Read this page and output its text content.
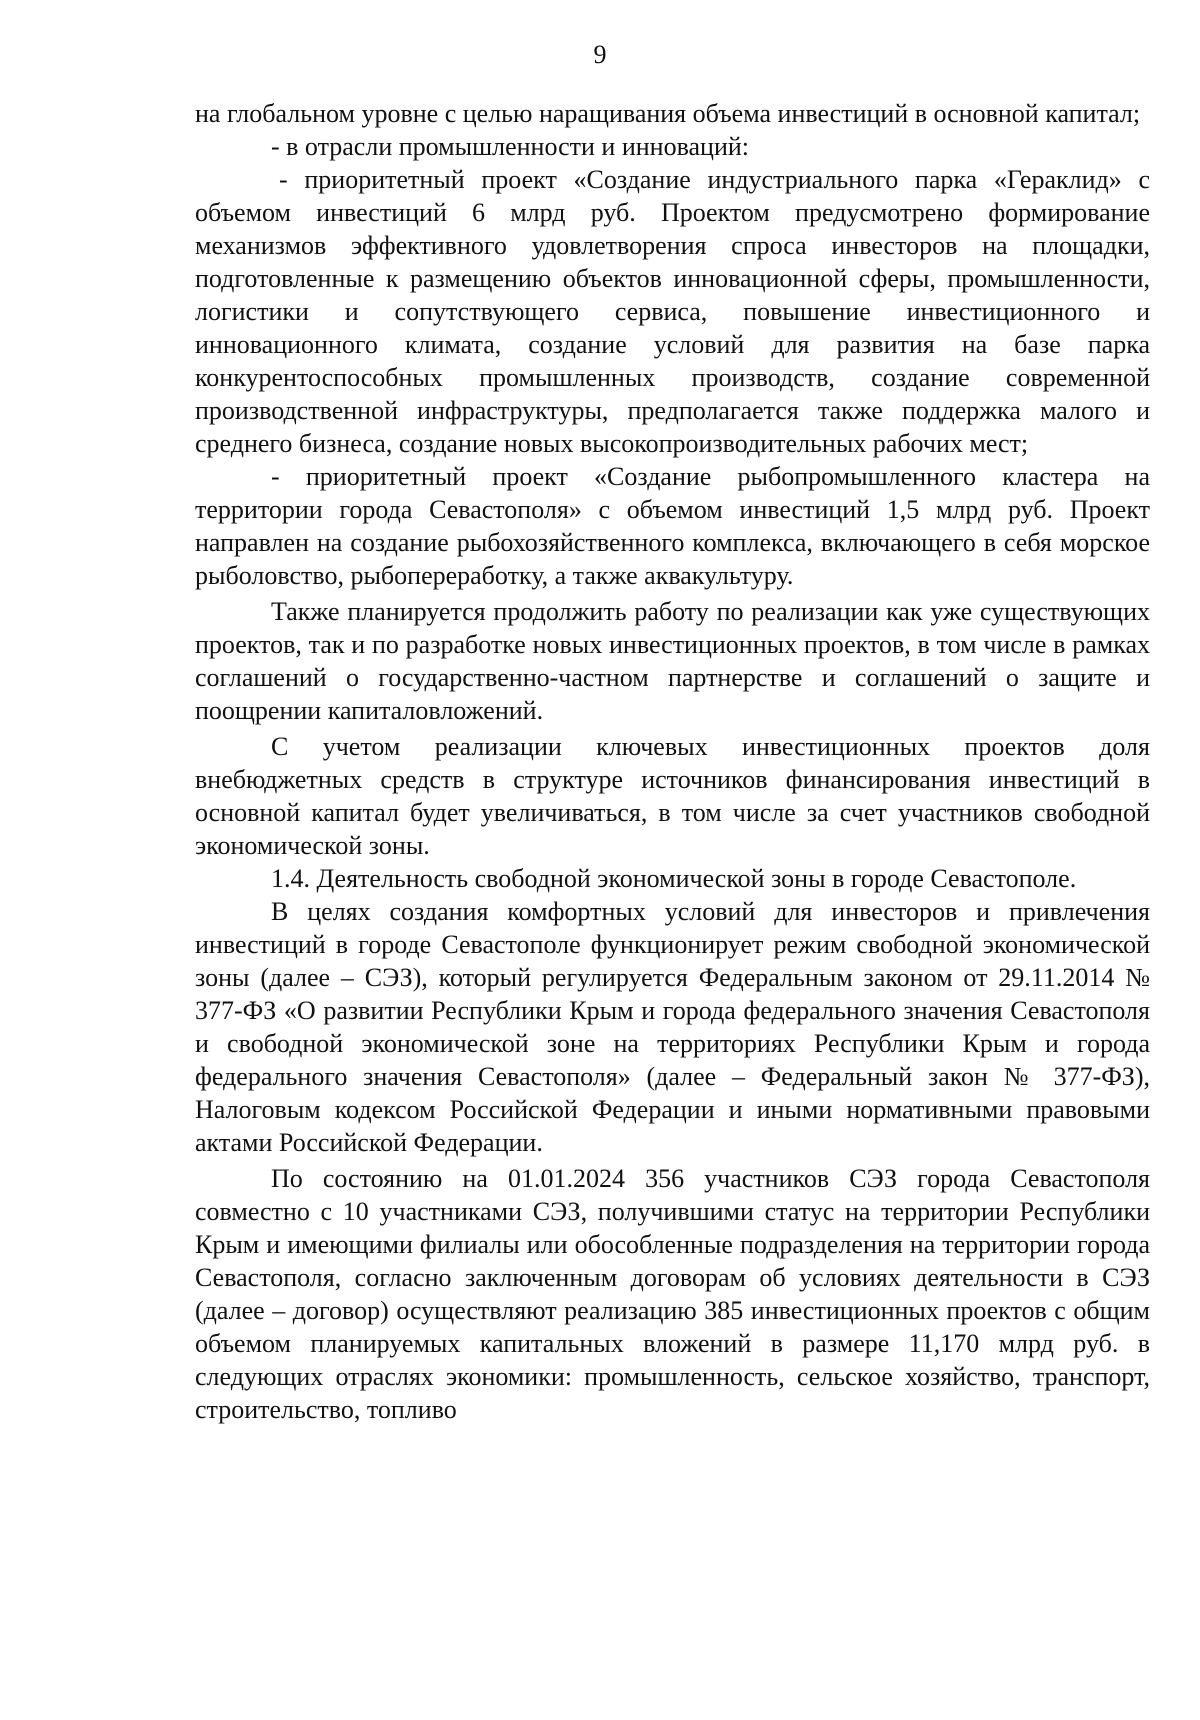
9

на глобальном уровне с целью наращивания объема инвестиций в основной капитал;

- в отрасли промышленности и инноваций:

- приоритетный проект «Создание индустриального парка «Гераклид» с объемом инвестиций 6 млрд руб. Проектом предусмотрено формирование механизмов эффективного удовлетворения спроса инвесторов на площадки, подготовленные к размещению объектов инновационной сферы, промышленности, логистики и сопутствующего сервиса, повышение инвестиционного и инновационного климата, создание условий для развития на базе парка конкурентоспособных промышленных производств, создание современной производственной инфраструктуры, предполагается также поддержка малого и среднего бизнеса, создание новых высокопроизводительных рабочих мест;

- приоритетный проект «Создание рыбопромышленного кластера на территории города Севастополя» с объемом инвестиций 1,5 млрд руб. Проект направлен на создание рыбохозяйственного комплекса, включающего в себя морское рыболовство, рыбопереработку, а также аквакультуру.

Также планируется продолжить работу по реализации как уже существующих проектов, так и по разработке новых инвестиционных проектов, в том числе в рамках соглашений о государственно-частном партнерстве и соглашений о защите и поощрении капиталовложений.

С учетом реализации ключевых инвестиционных проектов доля внебюджетных средств в структуре источников финансирования инвестиций в основной капитал будет увеличиваться, в том числе за счет участников свободной экономической зоны.

1.4. Деятельность свободной экономической зоны в городе Севастополе.

В целях создания комфортных условий для инвесторов и привлечения инвестиций в городе Севастополе функционирует режим свободной экономической зоны (далее – СЭЗ), который регулируется Федеральным законом от 29.11.2014 № 377-ФЗ «О развитии Республики Крым и города федерального значения Севастополя и свободной экономической зоне на территориях Республики Крым и города федерального значения Севастополя» (далее – Федеральный закон № 377-ФЗ), Налоговым кодексом Российской Федерации и иными нормативными правовыми актами Российской Федерации.

По состоянию на 01.01.2024 356 участников СЭЗ города Севастополя совместно с 10 участниками СЭЗ, получившими статус на территории Республики Крым и имеющими филиалы или обособленные подразделения на территории города Севастополя, согласно заключенным договорам об условиях деятельности в СЭЗ (далее – договор) осуществляют реализацию 385 инвестиционных проектов с общим объемом планируемых капитальных вложений в размере 11,170 млрд руб. в следующих отраслях экономики: промышленность, сельское хозяйство, транспорт, строительство, топливо
